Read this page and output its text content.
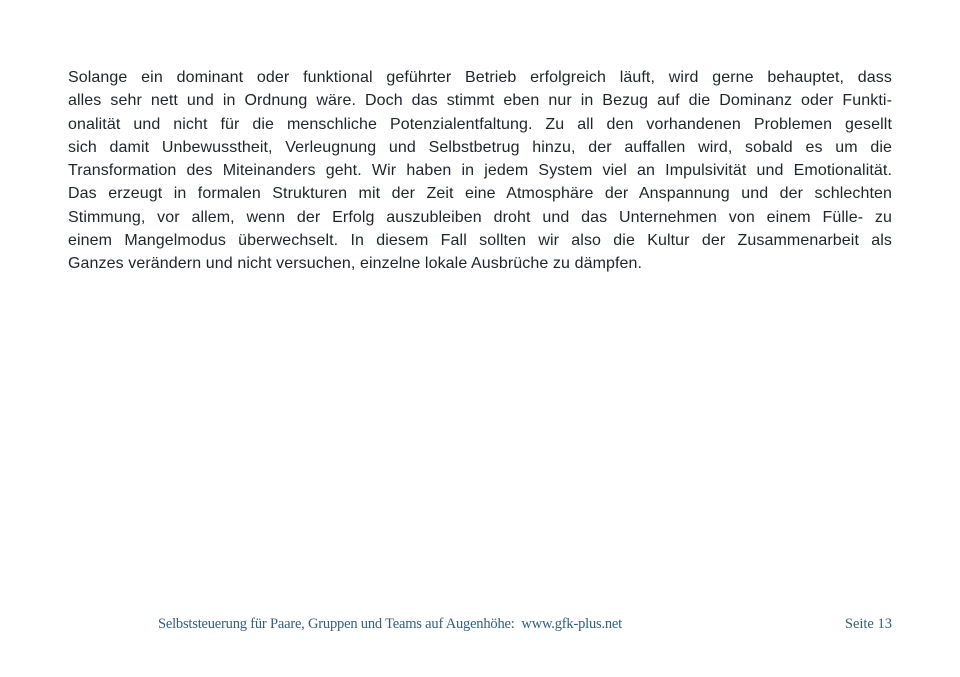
Solange ein dominant oder funktional geführter Betrieb erfolgreich läuft, wird gerne behauptet, dass
alles sehr nett und in Ordnung wäre. Doch das stimmt eben nur in Bezug auf die Dominanz oder Funkti-
onalität und nicht für die menschliche Potenzialentfaltung. Zu all den vorhandenen Problemen gesellt
sich damit Unbewusstheit, Verleugnung und Selbstbetrug hinzu, der auffallen wird, sobald es um die
Transformation des Miteinanders geht. Wir haben in jedem System viel an Impulsivität und Emotionalität.
Das erzeugt in formalen Strukturen mit der Zeit eine Atmosphäre der Anspannung und der schlechten
Stimmung, vor allem, wenn der Erfolg auszubleiben droht und das Unternehmen von einem Fülle- zu
einem Mangelmodus überwechselt. In diesem Fall sollten wir also die Kultur der Zusammenarbeit als
Ganzes verändern und nicht versuchen, einzelne lokale Ausbrüche zu dämpfen.
Selbststeuerung für Paare, Gruppen und Teams auf Augenhöhe:  www.gfk-plus.net	Seite 13
